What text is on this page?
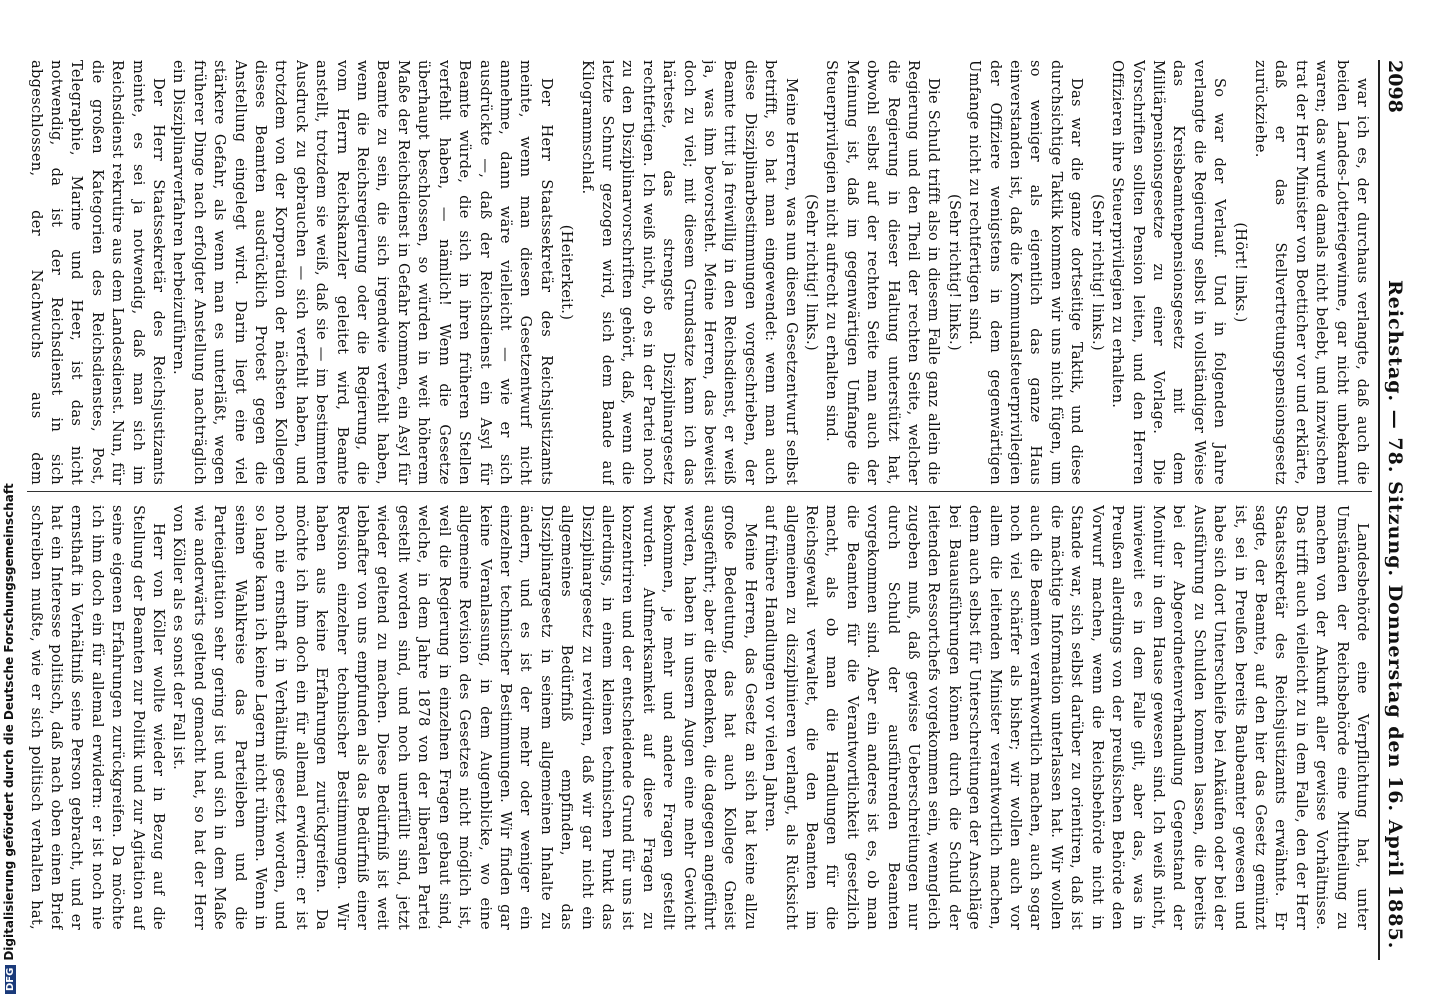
2098
Reichstag. — 78. Sitzung. Donnerstag den 16. April 1885.

war ich es, der durchaus verlangte, daß auch die beiden Landes-Lotteriegewinne, gar nicht unbekannt waren; das wurde damals nicht belebt, und inzwischen trat der Herr Minister von Boetticher vor und erklärte, daß er das Stellvertretungspensionsgesetz zurückziehe.

(Hört! links.)

So war der Verlauf. Und in folgenden Jahre verlangte die Regierung selbst in vollständiger Weise das Kreisbeamtenpensionsgesetz mit dem Militärpensionsgesetze zu einer Vorlage. Die Vorschriften sollten Pension leiten, und den Herren Offizieren ihre Steuerprivilegien zu erhalten.

(Sehr richtig! links.)

Das war die ganze dortseitige Taktik, und diese durchsichtige Taktik kommen wir uns nicht fügen, um so weniger als eigentlich das ganze Haus einverstanden ist, daß die Kommunalsteuerprivilegien der Offiziere wenigstens in dem gegenwärtigen Umfange nicht zu rechtfertigen sind.

(Sehr richtig! links.)

Die Schuld trifft also in diesem Falle ganz allein die Regierung und den Theil der rechten Seite, welcher die Regierung in dieser Haltung unterstützt hat, obwohl selbst auf der rechten Seite man auch der Meinung ist, daß im gegenwärtigen Umfange die Steuerprivilegien nicht aufrecht zu erhalten sind.

(Sehr richtig! links.)

Meine Herren, was nun diesen Gesetzentwurf selbst betrifft, so hat man eingewendet: wenn man auch diese Disziplinarbestimmungen vorgeschrieben, der Beamte tritt ja freiwillig in den Reichsdienst, er weiß ja, was ihm bevorsteht. Meine Herren, das beweist doch zu viel; mit diesem Grundsatze kann ich das härteste, das strengste Disziplinargesetz rechtfertigen. Ich weiß nicht, ob es in der Partei noch zu den Disziplinarvorschriften gehört, daß, wenn die letzte Schnur gezogen wird, sich dem Bande auf Kilogrammschlaf.

(Heiterkeit.)

Der Herr Staatssekretär des Reichsjustizamts meinte, wenn man diesen Gesetzentwurf nicht annehme, dann wäre vielleicht — wie er sich ausdrückte —, daß der Reichsdienst ein Asyl für Beamte würde, die sich in ihren früheren Stellen verfehlt haben, — nämlich! Wenn die Gesetze überhaupt beschlossen, so würden in weit höherem Maße der Reichsdienst in Gefahr kommen, ein Asyl für Beamte zu sein, die sich irgendwie verfehlt haben, wenn die Reichsregierung oder die Regierung, die vom Herrn Reichskanzler geleitet wird, Beamte anstellt, trotzdem sie weiß, daß sie — im bestimmten Ausdruck zu gebrauchen — sich verfehlt haben, und trotzdem von der Korporation der nächsten Kollegen dieses Beamten ausdrücklich Protest gegen die Anstellung eingelegt wird. Darin liegt eine viel stärkere Gefahr, als wenn man es unterläßt, wegen früherer Dinge nach erfolgter Anstellung nachträglich ein Disziplinarverfahren herbeizuführen.

Der Herr Staatssekretär des Reichsjustizamts meinte, es sei ja notwendig, daß man sich im Reichsdienst rekrutire aus dem Landesdienst. Nun, für die großen Kategorien des Reichsdienstes, Post, Telegraphie, Marine und Heer, ist das nicht notwendig, da ist der Reichsdienst in sich abgeschlossen, der Nachwuchs aus dem

Landesbehörde eine Verpflichtung hat, unter Umständen der Reichsbehörde eine Mittheilung zu machen von der Ankunft aller gewisse Vorhältnisse. Das trifft auch vielleicht zu in dem Falle, den der Herr Staatssekretär des Reichsjustizamts erwähnte. Er sagte, der Beamte, auf den hier das Gesetz gemünzt ist, sei in Preußen bereits Baubeamter gewesen und habe sich dort Unterschleife bei Ankäufen oder bei der Ausführung zu Schulden kommen lassen, die bereits bei der Abgeordnetenverhandlung Gegenstand der Monitur in dem Hause gewesen sind. Ich weiß nicht, inwieweit es in dem Falle gilt, aber das, was in Preußen allerdings von der preußischen Behörde den Vorwurf machen, wenn die Reichsbehörde nicht in Stande war, sich selbst darüber zu orientiren, daß ist die mächtige Information unterlassen hat. Wir wollen auch die Beamten verantwortlich machen, auch sogar noch viel schärfer als bisher; wir wollen auch vor allem die leitenden Minister verantwortlich machen, denn auch selbst für Unterschreitungen der Anschläge bei Bauausführungen können durch die Schuld der leitenden Ressortchefs vorgekommen sein, wenngleich zugeben muß, daß gewisse Ueberschreitungen nur durch Schuld der ausführenden Beamten vorgekommen sind. Aber ein anderes ist es, ob man die Beamten für die Verantwortlichkeit gesetzlich macht, als ob man die Handlungen für die Reichsgewalt verwaltet, die den Beamten im allgemeinen zu disziplinieren verlangt, als Rücksicht auf frühere Handlungen vor vielen Jahren.

Meine Herren, das Gesetz an sich hat keine allzu große Bedeutung, das hat auch Kollege Gneist ausgeführt; aber die Bedenken, die dagegen angeführt werden, haben in unsern Augen eine mehr Gewicht bekommen, je mehr und andere Fragen gestellt wurden. Aufmerksamkeit auf diese Fragen zu konzentriren und der entscheidende Grund für uns ist allerdings, in einem kleinen technischen Punkt das Disziplinargesetz zu revidiren, daß wir gar nicht ein allgemeines Bedürfniß empfinden, das Disziplinargesetz in seinem allgemeinen Inhalte zu ändern, und es ist der mehr oder weniger ein einzelner technischer Bestimmungen. Wir finden gar keine Veranlassung, in dem Augenblicke, wo eine allgemeine Revision des Gesetzes nicht möglich ist, weil die Regierung in einzelnen Fragen gebaut sind, welche, in dem Jahre 1878 von der liberalen Partei gestellt worden sind, und noch unerfüllt sind, jetzt wieder geltend zu machen. Diese Bedürfniß ist weit lebhafter von uns empfunden als das Bedürfniß einer Revision einzelner technischer Bestimmungen. Wir haben aus keine Erfahrungen zurückgreifen. Da möchte ich ihm doch ein für allemal erwidern: er ist noch nie ernsthaft in Verhältniß gesetzt worden, und so lange kann ich keine Lagern nicht rühmen. Wenn in seinen Wahlkreise das Parteileben und die Parteiagitation sehr gering ist und sich in dem Maße wie anderwärts geltend gemacht hat, so hat der Herr von Köller als es sonst der Fall ist.

Herr von Köller wollte wieder in Bezug auf die Stellung der Beamten zur Politik und zur Agitation auf seine eigenen Erfahrungen zurückgreifen. Da möchte ich ihm doch ein für allemal erwidern: er ist noch nie ernsthaft in Verhältniß seine Person gebracht, und er hat ein Interesse politisch, daß nach oben einen Brief schreiben mußte, wie er sich politisch verhalten hat,

DFGDigitalisierung gefördert durch die Deutsche Forschungsgemeinschaft
